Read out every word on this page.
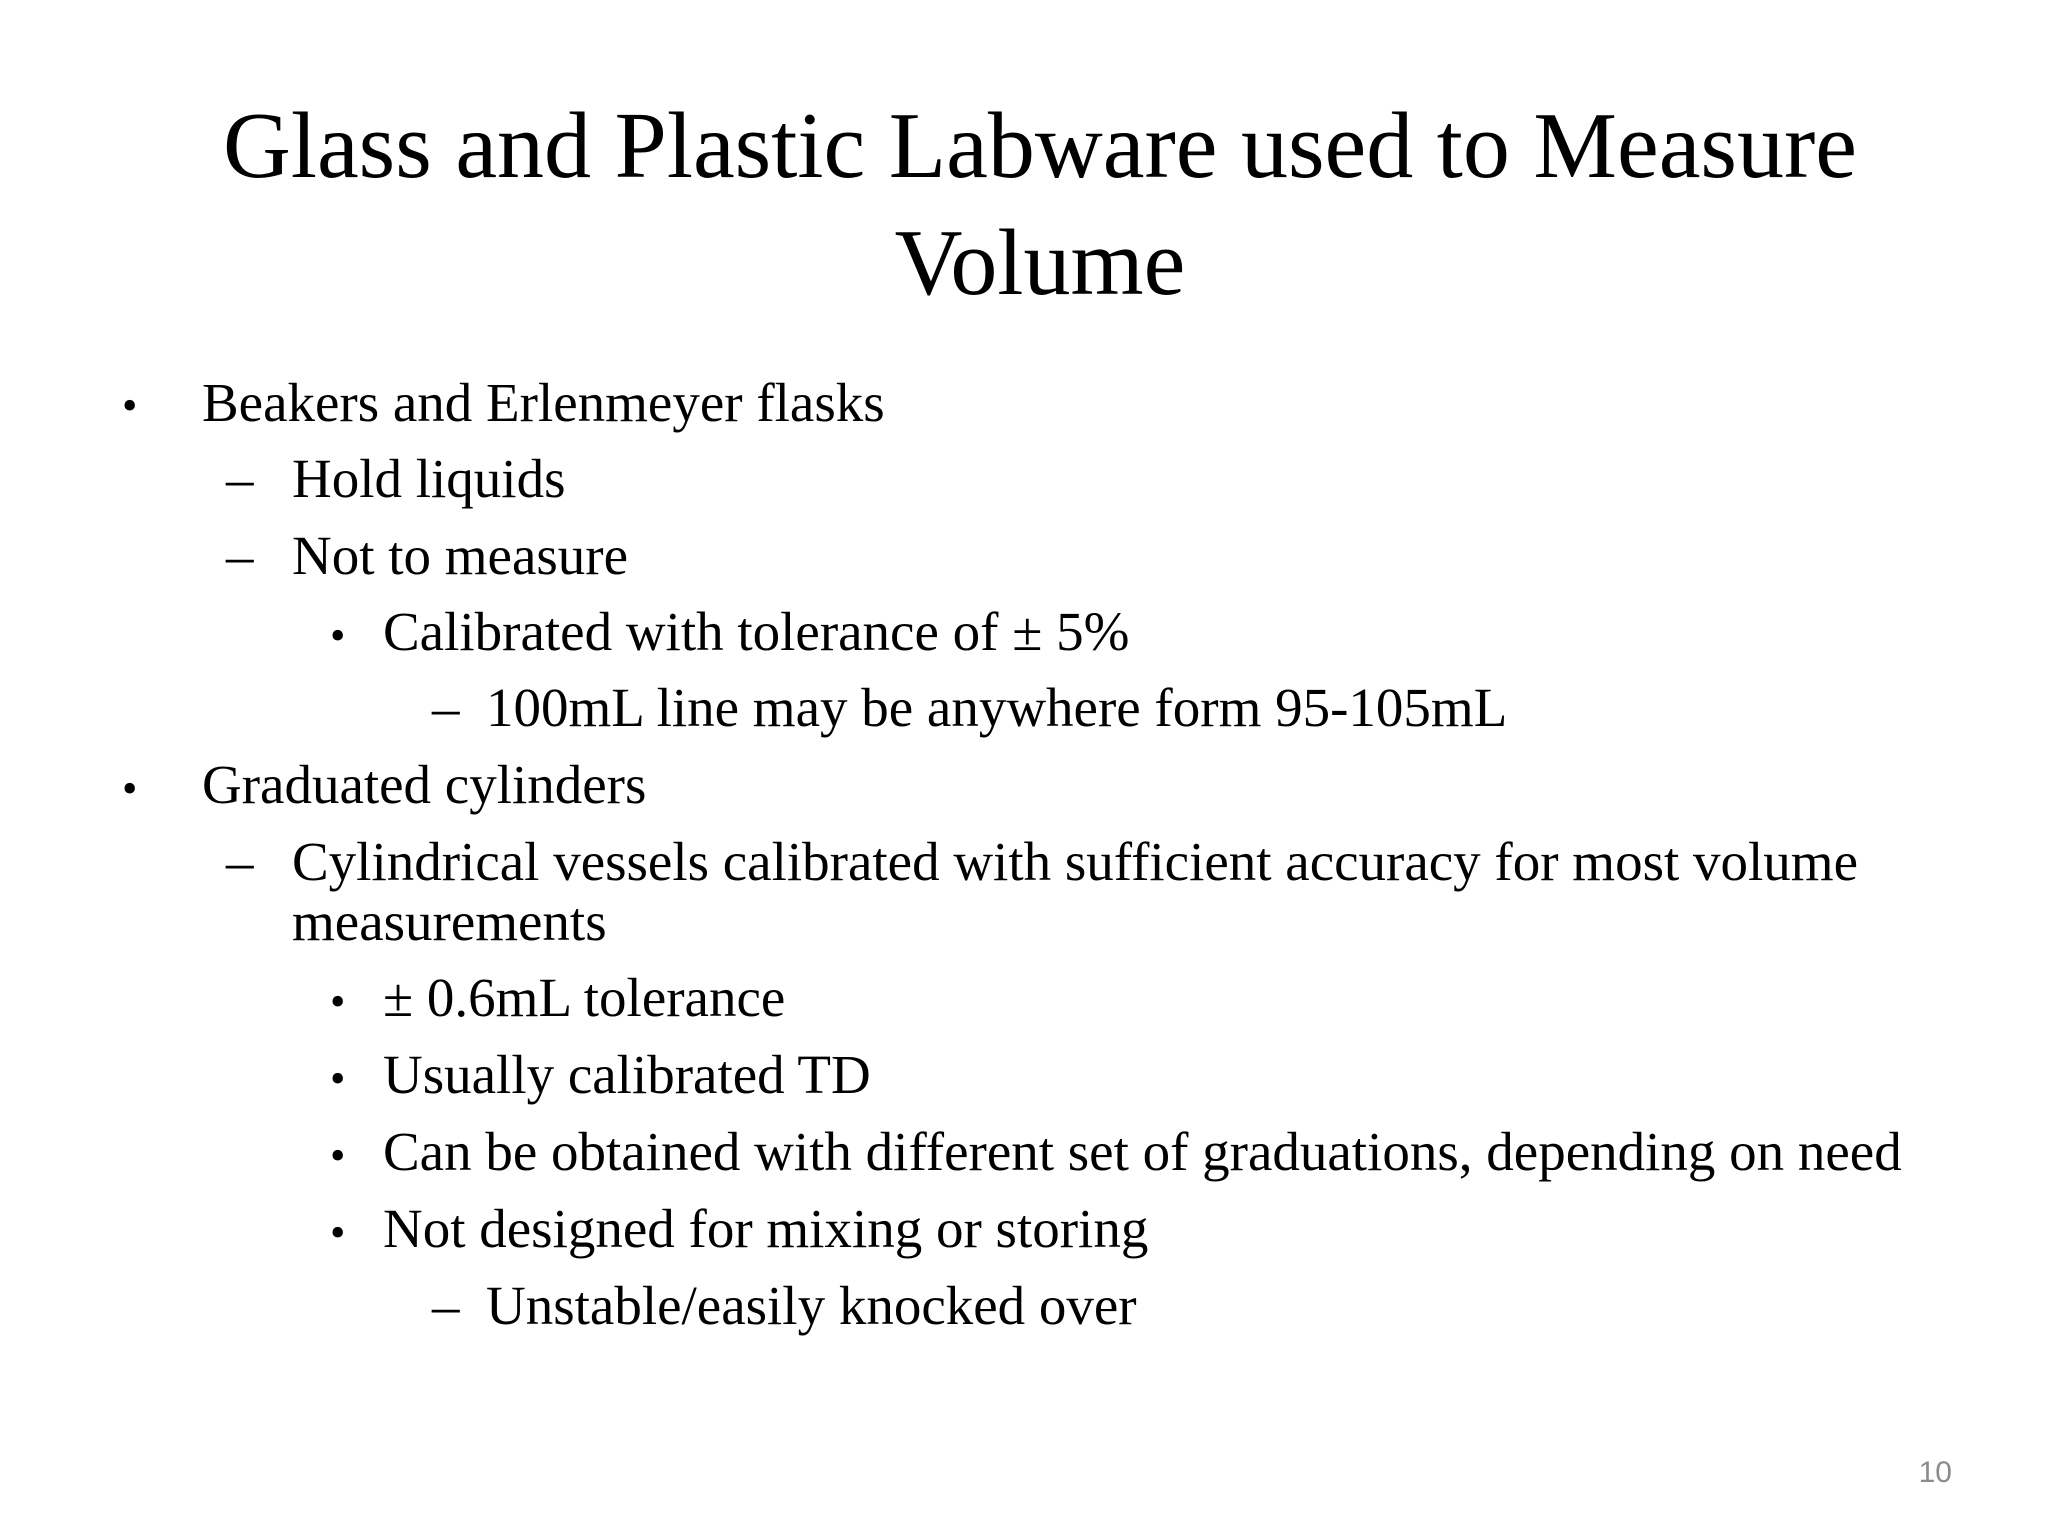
Glass and Plastic Labware used to Measure
Volume
• Beakers and Erlenmeyer flasks
– Hold liquids
– Not to measure
• Calibrated with tolerance of ± 5%
– 100mL line may be anywhere form 95-105mL
• Graduated cylinders
– Cylindrical vessels calibrated with sufficient accuracy for most volume
measurements
• ± 0.6mL tolerance
• Usually calibrated TD
• Can be obtained with different set of graduations, depending on need
• Not designed for mixing or storing
– Unstable/easily knocked over
10
